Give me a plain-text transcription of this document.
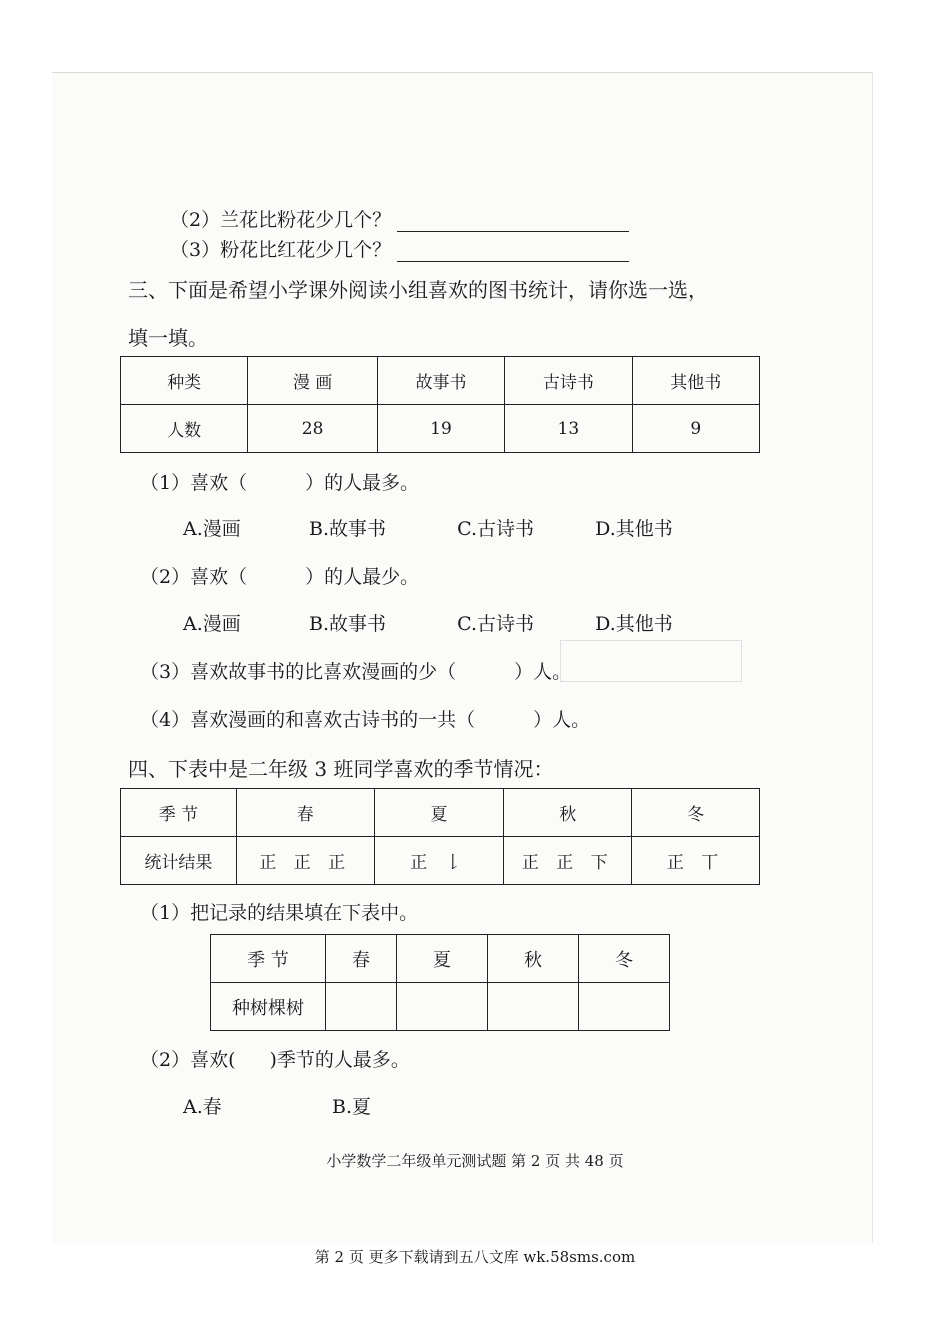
（2）兰花比粉花少几个？
（3）粉花比红花少几个？
三、下面是希望小学课外阅读小组喜欢的图书统计，请你选一选，
填一填。
种类	漫 画	故事书	古诗书	其他书
人数	28	19	13	9
（1）喜欢（	）的人最多。
A.漫画	B.故事书	C.古诗书	D.其他书
（2）喜欢（	）的人最少。
A.漫画	B.故事书	C.古诗书	D.其他书
（3）喜欢故事书的比喜欢漫画的少（	）人。
（4）喜欢漫画的和喜欢古诗书的一共（	）人。
四、下表中是二年级 3 班同学喜欢的季节情况：
季 节	春	夏	秋	冬
统计结果	正 正 正	正 𠄌	正 正 下	正 丅
（1）把记录的结果填在下表中。
季 节	春	夏	秋	冬
种树棵树				
（2）喜欢( )季节的人最多。
A.春	B.夏
小学数学二年级单元测试题 第 2 页 共 48 页
第 2 页 更多下载请到五八文库 wk.58sms.com
